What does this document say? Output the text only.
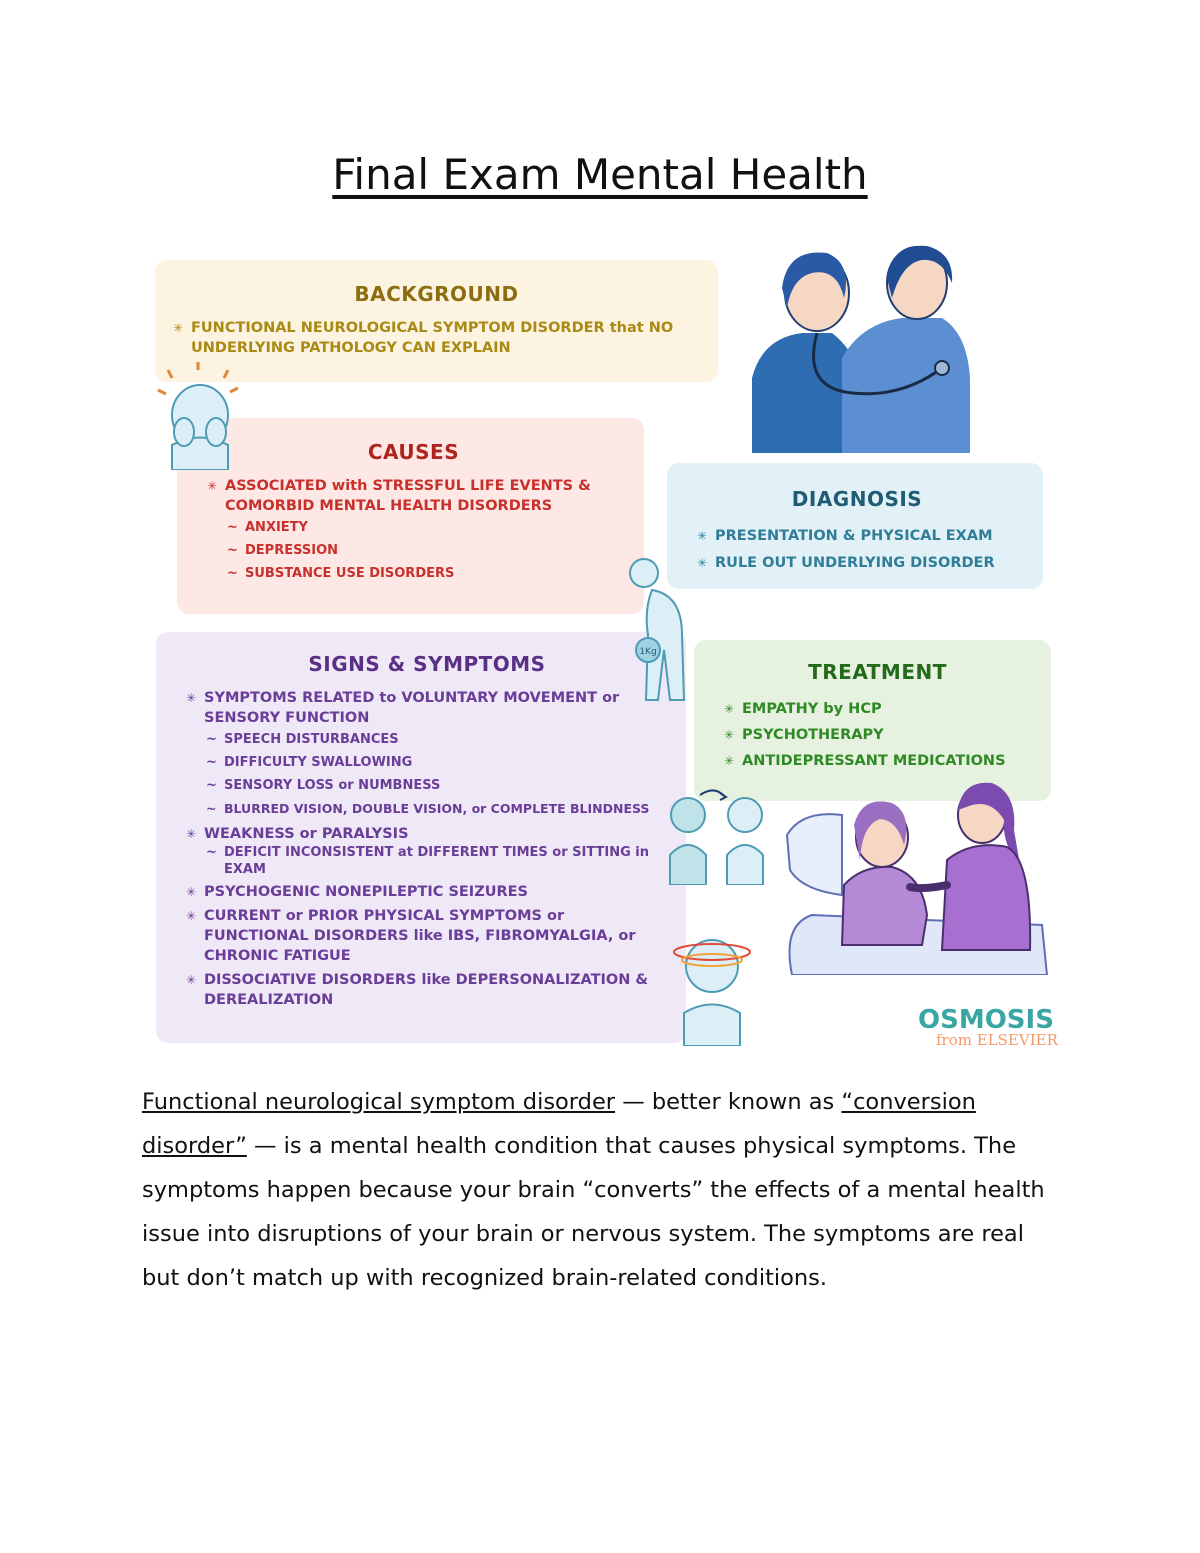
Final Exam Mental Health
BACKGROUND
✳ FUNCTIONAL NEUROLOGICAL SYMPTOM DISORDER that NO UNDERLYING PATHOLOGY CAN EXPLAIN
CAUSES
✳ ASSOCIATED with STRESSFUL LIFE EVENTS & COMORBID MENTAL HEALTH DISORDERS
~ ANXIETY
~ DEPRESSION
~ SUBSTANCE USE DISORDERS
DIAGNOSIS
✳ PRESENTATION & PHYSICAL EXAM
✳ RULE OUT UNDERLYING DISORDER
SIGNS & SYMPTOMS
✳ SYMPTOMS RELATED to VOLUNTARY MOVEMENT or SENSORY FUNCTION
~ SPEECH DISTURBANCES
~ DIFFICULTY SWALLOWING
~ SENSORY LOSS or NUMBNESS
~ BLURRED VISION, DOUBLE VISION, or COMPLETE BLINDNESS
✳ WEAKNESS or PARALYSIS
~ DEFICIT INCONSISTENT at DIFFERENT TIMES or SITTING in EXAM
✳ PSYCHOGENIC NONEPILEPTIC SEIZURES
✳ CURRENT or PRIOR PHYSICAL SYMPTOMS or FUNCTIONAL DISORDERS like IBS, FIBROMYALGIA, or CHRONIC FATIGUE
✳ DISSOCIATIVE DISORDERS like DEPERSONALIZATION & DEREALIZATION
TREATMENT
✳ EMPATHY by HCP
✳ PSYCHOTHERAPY
✳ ANTIDEPRESSANT MEDICATIONS
1Kg
OSMOSIS
from ELSEVIER
Functional neurological symptom disorder — better known as “conversion disorder” — is a mental health condition that causes physical symptoms. The symptoms happen because your brain “converts” the effects of a mental health issue into disruptions of your brain or nervous system. The symptoms are real but don’t match up with recognized brain-related conditions.
